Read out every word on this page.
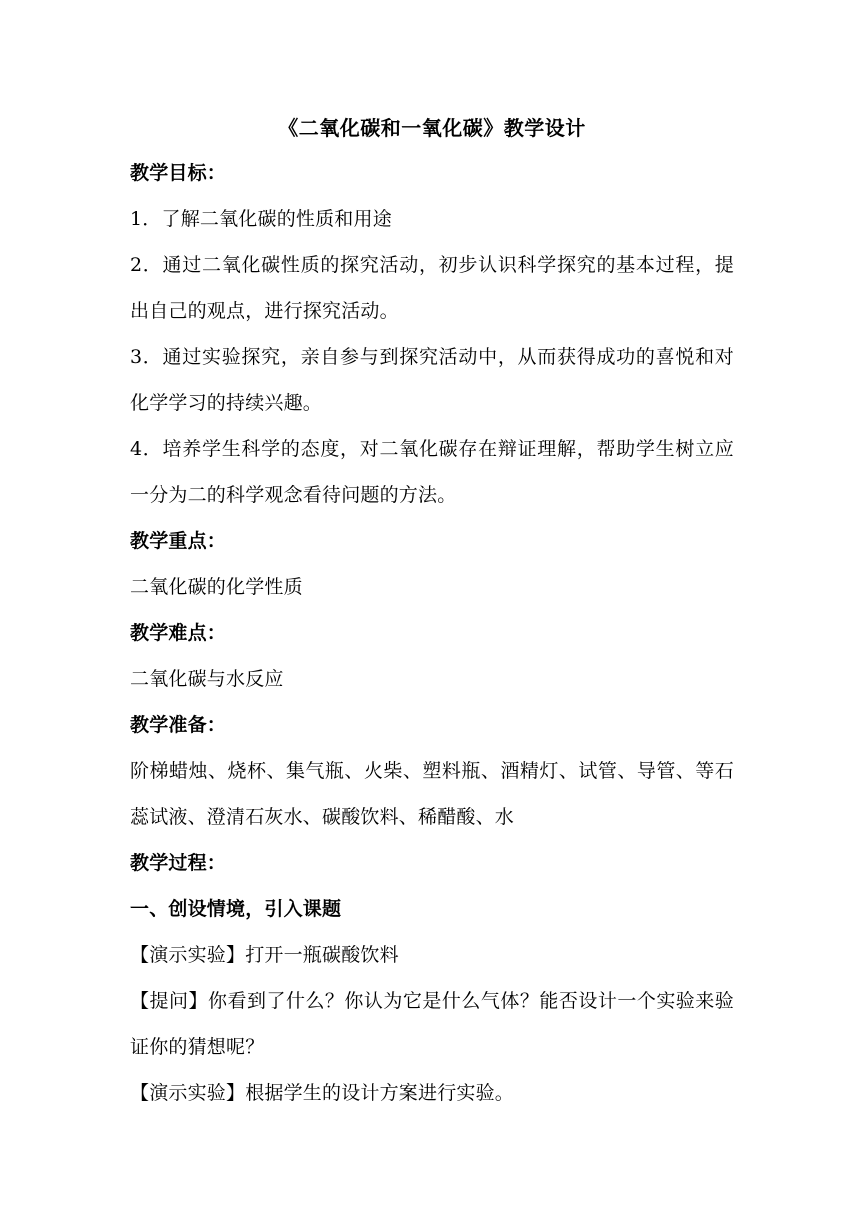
《二氧化碳和一氧化碳》教学设计
教学目标：
1．了解二氧化碳的性质和用途
2．通过二氧化碳性质的探究活动，初步认识科学探究的基本过程，提出自己的观点，进行探究活动。
3．通过实验探究，亲自参与到探究活动中，从而获得成功的喜悦和对化学学习的持续兴趣。
4．培养学生科学的态度，对二氧化碳存在辩证理解，帮助学生树立应一分为二的科学观念看待问题的方法。
教学重点：
二氧化碳的化学性质
教学难点：
二氧化碳与水反应
教学准备：
阶梯蜡烛、烧杯、集气瓶、火柴、塑料瓶、酒精灯、试管、导管、等石蕊试液、澄清石灰水、碳酸饮料、稀醋酸、水
教学过程：
一、创设情境，引入课题
【演示实验】打开一瓶碳酸饮料
【提问】你看到了什么？你认为它是什么气体？能否设计一个实验来验证你的猜想呢？
【演示实验】根据学生的设计方案进行实验。
